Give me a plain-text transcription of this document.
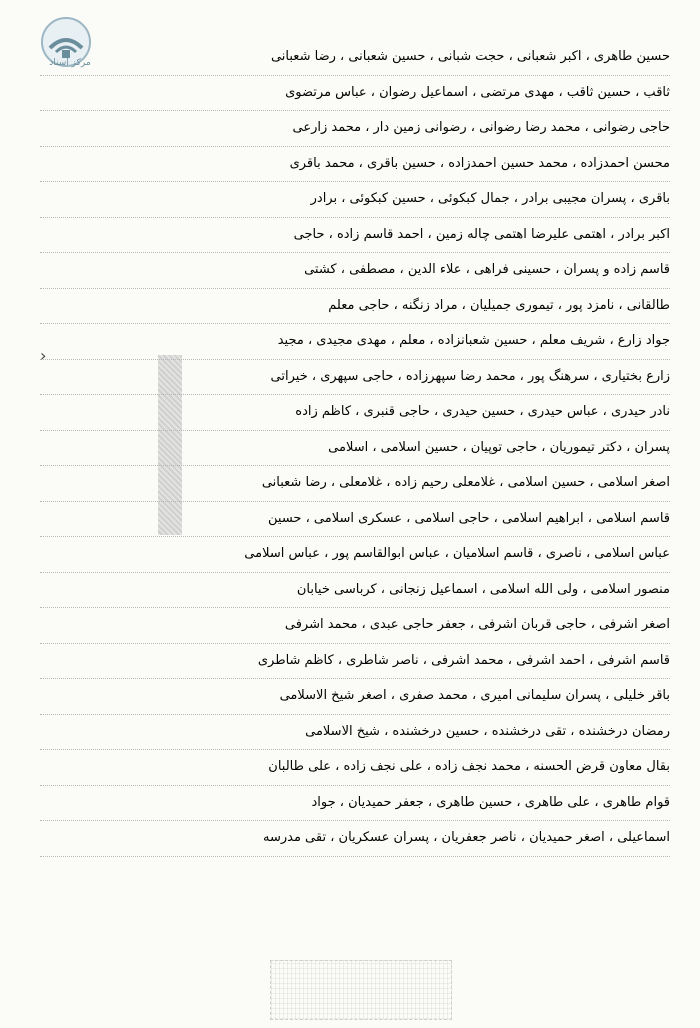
مرکز اسناد	حسین طاهری ، اکبر شعبانی ، حجت شبانی ، حسین شعبانی ، رضا شعبانی
ثاقب ، حسین ثاقب ، مهدی مرتضی ، اسماعیل رضوان ، عباس مرتضوی
حاجی رضوانی ، محمد رضا رضوانی ، رضوانی زمین دار ، محمد زارعی
محسن احمدزاده ، محمد حسین احمدزاده ، حسین باقری ، محمد باقری
باقری ، پسران مجیبی برادر ، جمال کبکوئی ، حسین کبکوئی ، برادر
اکبر برادر ، اهتمی علیرضا اهتمی چاله زمین ، احمد قاسم زاده ، حاجی
قاسم زاده و پسران ، حسینی فراهی ، علاء الدین ، مصطفی ، کشتی
طالقانی ، نامزد پور ، تیموری جمیلیان ، مراد زنگنه ، حاجی معلم
جواد زارع ، شریف معلم ، حسین شعبانزاده ، معلم ، مهدی مجیدی ، مجید
زارع بختیاری ، سرهنگ پور ، محمد رضا سپهرزاده ، حاجی سپهری ، خیراتی
نادر حیدری ، عباس حیدری ، حسین حیدری ، حاجی قنبری ، کاظم زاده
پسران ، دکتر تیموریان ، حاجی توپیان ، حسین اسلامی ، اسلامی
اصغر اسلامی ، حسین اسلامی ، غلامعلی رحیم زاده ، غلامعلی ، رضا شعبانی
قاسم اسلامی ، ابراهیم اسلامی ، حاجی اسلامی ، عسکری اسلامی ، حسین
عباس اسلامی ، ناصری ، قاسم اسلامیان ، عباس ابوالقاسم پور ، عباس اسلامی
منصور اسلامی ، ولی الله اسلامی ، اسماعیل زنجانی ، کرباسی خیابان
اصغر اشرفی ، حاجی قربان اشرفی ، جعفر حاجی عبدی ، محمد اشرفی
قاسم اشرفی ، احمد اشرفی ، محمد اشرفی ، ناصر شاطری ، کاظم شاطری
باقر خلیلی ، پسران سلیمانی امیری ، محمد صفری ، اصغر شیخ الاسلامی
رمضان درخشنده ، تقی درخشنده ، حسین درخشنده ، شیخ الاسلامی
بقال معاون قرض الحسنه ، محمد نجف زاده ، علی نجف زاده ، علی طالبان
قوام طاهری ، علی طاهری ، حسین طاهری ، جعفر حمیدیان ، جواد
اسماعیلی ، اصغر حمیدیان ، ناصر جعفریان ، پسران عسکریان ، تقی مدرسه
›
